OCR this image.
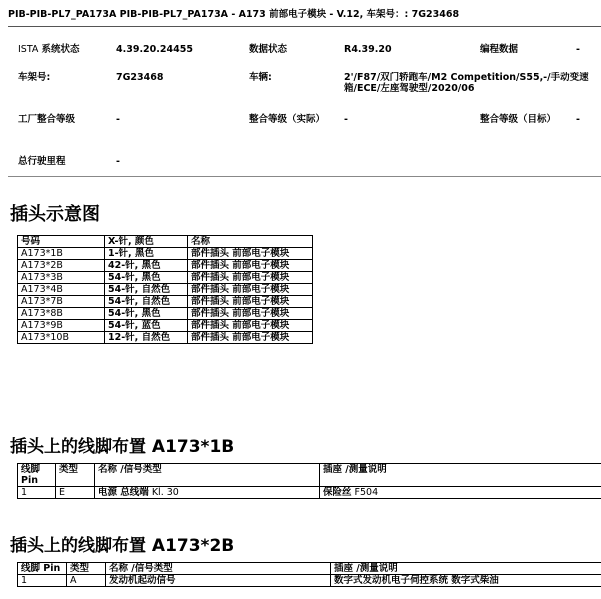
PIB-PIB-PL7_PA173A PIB-PIB-PL7_PA173A - A173 前部电子模块 - V.12, 车架号：: 7G23468
ISTA 系统状态	4.39.20.24455	数据状态	R4.39.20	编程数据	-
车架号:	7G23468	车辆:	2'/F87/双门轿跑车/M2 Competition/S55,-/手动变速箱/ECE/左座驾驶型/2020/06
工厂整合等级	-	整合等级（实际）	-	整合等级（目标）	-
总行驶里程	-
插头示意图
号码	X-针, 颜色	名称
A173*1B	1-针, 黑色	部件插头 前部电子模块
A173*2B	42-针, 黑色	部件插头 前部电子模块
A173*3B	54-针, 黑色	部件插头 前部电子模块
A173*4B	54-针, 自然色	部件插头 前部电子模块
A173*7B	54-针, 自然色	部件插头 前部电子模块
A173*8B	54-针, 黑色	部件插头 前部电子模块
A173*9B	54-针, 蓝色	部件插头 前部电子模块
A173*10B	12-针, 自然色	部件插头 前部电子模块
插头上的线脚布置 A173*1B
线脚 Pin	类型	名称 /信号类型	插座 /测量说明
1	E	电源 总线端 Kl. 30	保险丝 F504
插头上的线脚布置 A173*2B
线脚 Pin	类型	名称 /信号类型	插座 /测量说明
1	A	发动机起动信号	数字式发动机电子伺控系统 数字式柴油
